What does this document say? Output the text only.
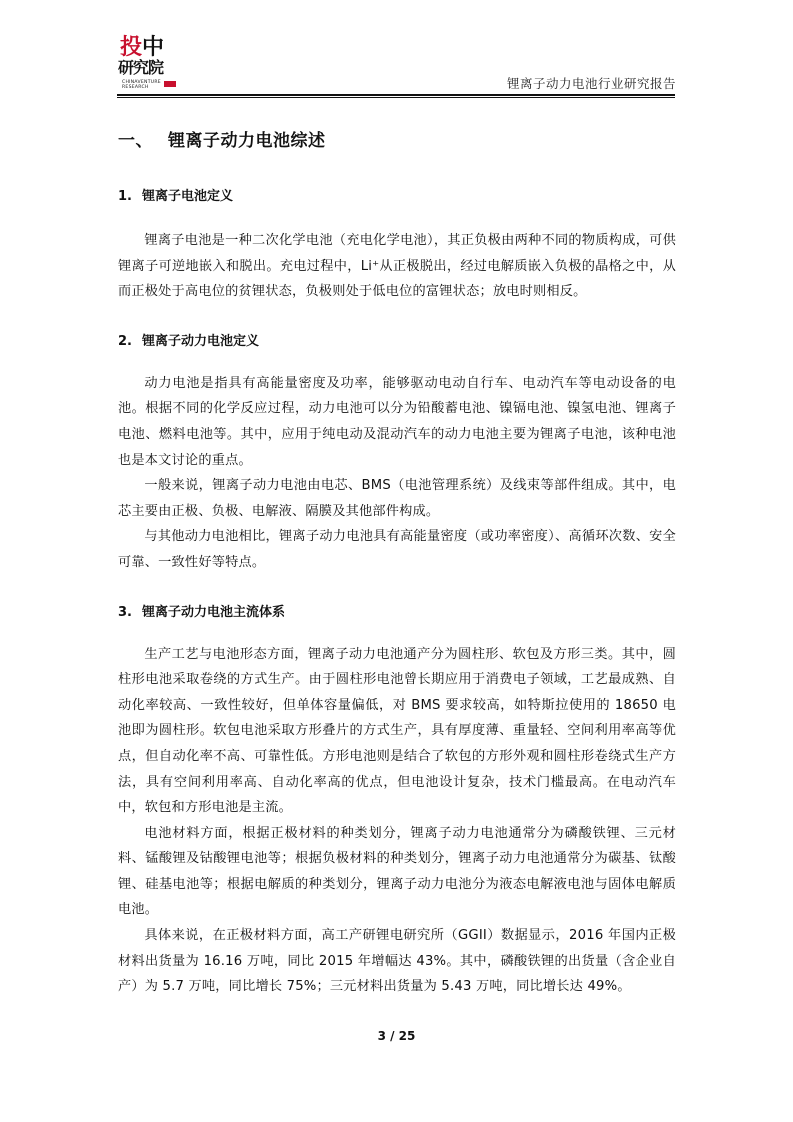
投 中
研究院
CHINAVENTURE RESEARCH	锂离子动力电池行业研究报告
一、 锂离子动力电池综述
1. 锂离子电池定义

锂离子电池是一种二次化学电池（充电化学电池），其正负极由两种不同的物质构成，可供锂离子可逆地嵌入和脱出。充电过程中，Li⁺从正极脱出，经过电解质嵌入负极的晶格之中，从而正极处于高电位的贫锂状态，负极则处于低电位的富锂状态；放电时则相反。

2. 锂离子动力电池定义

动力电池是指具有高能量密度及功率，能够驱动电动自行车、电动汽车等电动设备的电池。根据不同的化学反应过程，动力电池可以分为铅酸蓄电池、镍镉电池、镍氢电池、锂离子电池、燃料电池等。其中，应用于纯电动及混动汽车的动力电池主要为锂离子电池，该种电池也是本文讨论的重点。

一般来说，锂离子动力电池由电芯、BMS（电池管理系统）及线束等部件组成。其中，电芯主要由正极、负极、电解液、隔膜及其他部件构成。

与其他动力电池相比，锂离子动力电池具有高能量密度（或功率密度）、高循环次数、安全可靠、一致性好等特点。

3. 锂离子动力电池主流体系

生产工艺与电池形态方面，锂离子动力电池通产分为圆柱形、软包及方形三类。其中，圆柱形电池采取卷绕的方式生产。由于圆柱形电池曾长期应用于消费电子领域，工艺最成熟、自动化率较高、一致性较好，但单体容量偏低，对 BMS 要求较高，如特斯拉使用的 18650 电池即为圆柱形。软包电池采取方形叠片的方式生产，具有厚度薄、重量轻、空间利用率高等优点，但自动化率不高、可靠性低。方形电池则是结合了软包的方形外观和圆柱形卷绕式生产方法，具有空间利用率高、自动化率高的优点，但电池设计复杂，技术门槛最高。在电动汽车中，软包和方形电池是主流。

电池材料方面，根据正极材料的种类划分，锂离子动力电池通常分为磷酸铁锂、三元材料、锰酸锂及钴酸锂电池等；根据负极材料的种类划分，锂离子动力电池通常分为碳基、钛酸锂、硅基电池等；根据电解质的种类划分，锂离子动力电池分为液态电解液电池与固体电解质电池。

具体来说，在正极材料方面，高工产研锂电研究所（GGII）数据显示，2016 年国内正极材料出货量为 16.16 万吨，同比 2015 年增幅达 43%。其中，磷酸铁锂的出货量（含企业自产）为 5.7 万吨，同比增长 75%；三元材料出货量为 5.43 万吨，同比增长达 49%。

3 / 25
